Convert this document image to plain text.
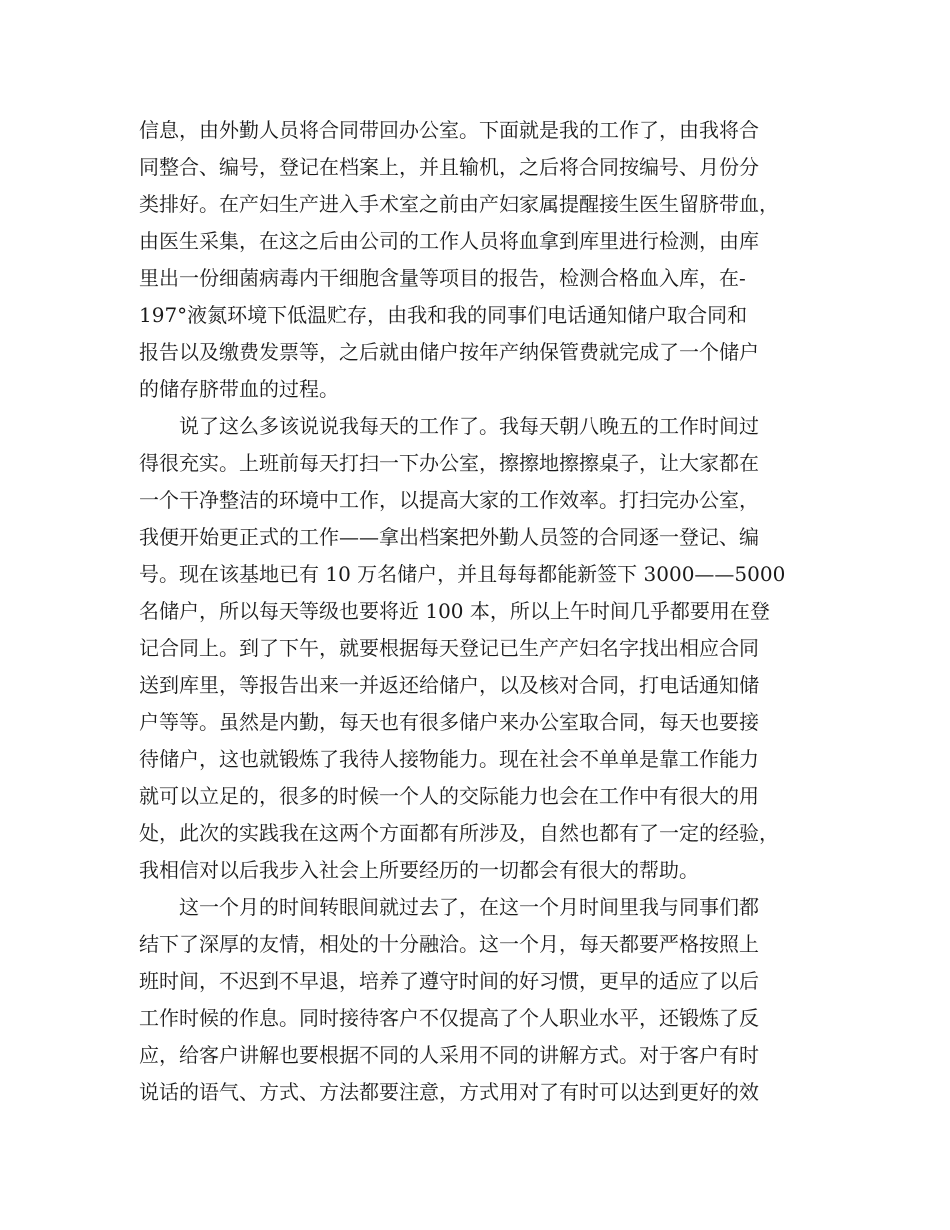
信息，由外勤人员将合同带回办公室。下面就是我的工作了，由我将合
同整合、编号，登记在档案上，并且输机，之后将合同按编号、月份分
类排好。在产妇生产进入手术室之前由产妇家属提醒接生医生留脐带血，
由医生采集，在这之后由公司的工作人员将血拿到库里进行检测，由库
里出一份细菌病毒内干细胞含量等项目的报告，检测合格血入库，在-
197°液氮环境下低温贮存，由我和我的同事们电话通知储户取合同和
报告以及缴费发票等，之后就由储户按年产纳保管费就完成了一个储户
的储存脐带血的过程。
说了这么多该说说我每天的工作了。我每天朝八晚五的工作时间过
得很充实。上班前每天打扫一下办公室，擦擦地擦擦桌子，让大家都在
一个干净整洁的环境中工作，以提高大家的工作效率。打扫完办公室，
我便开始更正式的工作——拿出档案把外勤人员签的合同逐一登记、编
号。现在该基地已有 10 万名储户，并且每每都能新签下 3000——5000
名储户，所以每天等级也要将近 100 本，所以上午时间几乎都要用在登
记合同上。到了下午，就要根据每天登记已生产产妇名字找出相应合同
送到库里，等报告出来一并返还给储户，以及核对合同，打电话通知储
户等等。虽然是内勤，每天也有很多储户来办公室取合同，每天也要接
待储户，这也就锻炼了我待人接物能力。现在社会不单单是靠工作能力
就可以立足的，很多的时候一个人的交际能力也会在工作中有很大的用
处，此次的实践我在这两个方面都有所涉及，自然也都有了一定的经验，
我相信对以后我步入社会上所要经历的一切都会有很大的帮助。
这一个月的时间转眼间就过去了，在这一个月时间里我与同事们都
结下了深厚的友情，相处的十分融洽。这一个月，每天都要严格按照上
班时间，不迟到不早退，培养了遵守时间的好习惯，更早的适应了以后
工作时候的作息。同时接待客户不仅提高了个人职业水平，还锻炼了反
应，给客户讲解也要根据不同的人采用不同的讲解方式。对于客户有时
说话的语气、方式、方法都要注意，方式用对了有时可以达到更好的效
